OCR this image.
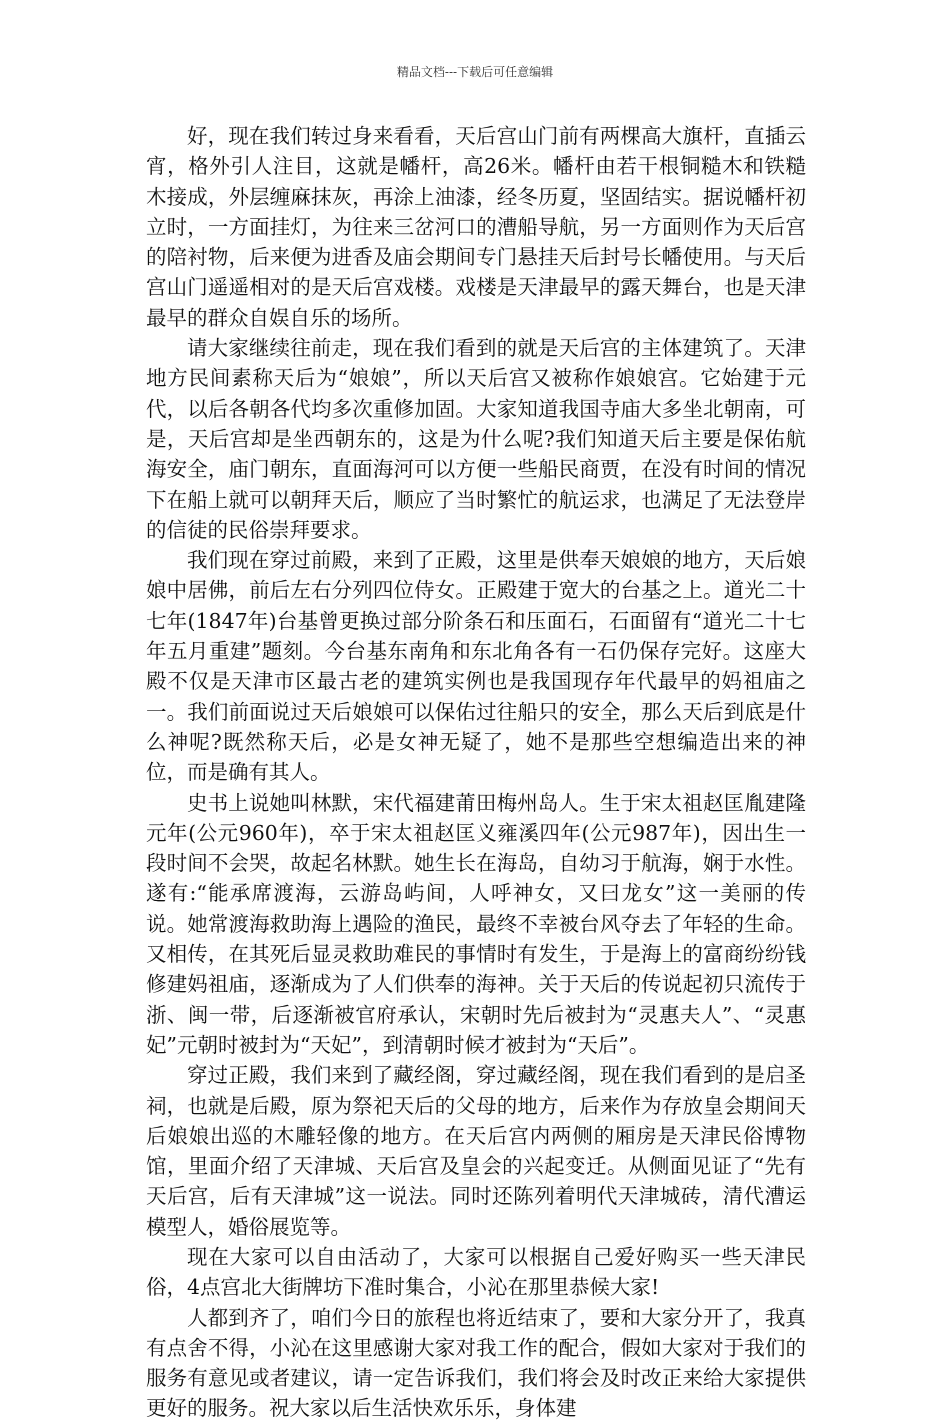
精品文档---下载后可任意编辑

好，现在我们转过身来看看，天后宫山门前有两棵高大旗杆，直插云宵，格外引人注目，这就是幡杆，高26米。幡杆由若干根铜糙木和铁糙木接成，外层缠麻抹灰，再涂上油漆，经冬历夏，坚固结实。据说幡杆初立时，一方面挂灯，为往来三岔河口的漕船导航，另一方面则作为天后宫的陪衬物，后来便为进香及庙会期间专门悬挂天后封号长幡使用。与天后宫山门遥遥相对的是天后宫戏楼。戏楼是天津最早的露天舞台，也是天津最早的群众自娱自乐的场所。

请大家继续往前走，现在我们看到的就是天后宫的主体建筑了。天津地方民间素称天后为“娘娘”，所以天后宫又被称作娘娘宫。它始建于元代，以后各朝各代均多次重修加固。大家知道我国寺庙大多坐北朝南，可是，天后宫却是坐西朝东的，这是为什么呢?我们知道天后主要是保佑航海安全，庙门朝东，直面海河可以方便一些船民商贾，在没有时间的情况下在船上就可以朝拜天后，顺应了当时繁忙的航运求，也满足了无法登岸的信徒的民俗崇拜要求。

我们现在穿过前殿，来到了正殿，这里是供奉天娘娘的地方，天后娘娘中居佛，前后左右分列四位侍女。正殿建于宽大的台基之上。道光二十七年(1847年)台基曾更换过部分阶条石和压面石，石面留有“道光二十七年五月重建”题刻。今台基东南角和东北角各有一石仍保存完好。这座大殿不仅是天津市区最古老的建筑实例也是我国现存年代最早的妈祖庙之一。我们前面说过天后娘娘可以保佑过往船只的安全，那么天后到底是什么神呢?既然称天后，必是女神无疑了，她不是那些空想编造出来的神位，而是确有其人。

史书上说她叫林默，宋代福建莆田梅州岛人。生于宋太祖赵匡胤建隆元年(公元960年)，卒于宋太祖赵匡义雍溪四年(公元987年)，因出生一段时间不会哭，故起名林默。她生长在海岛，自幼习于航海，娴于水性。遂有:“能承席渡海，云游岛屿间，人呼神女，又曰龙女”这一美丽的传说。她常渡海救助海上遇险的渔民，最终不幸被台风夺去了年轻的生命。又相传，在其死后显灵救助难民的事情时有发生，于是海上的富商纷纷钱修建妈祖庙，逐渐成为了人们供奉的海神。关于天后的传说起初只流传于浙、闽一带，后逐渐被官府承认，宋朝时先后被封为“灵惠夫人”、“灵惠妃”元朝时被封为“天妃”，到清朝时候才被封为“天后”。

穿过正殿，我们来到了藏经阁，穿过藏经阁，现在我们看到的是启圣祠，也就是后殿，原为祭祀天后的父母的地方，后来作为存放皇会期间天后娘娘出巡的木雕轻像的地方。在天后宫内两侧的厢房是天津民俗博物馆，里面介绍了天津城、天后宫及皇会的兴起变迁。从侧面见证了“先有天后宫，后有天津城”这一说法。同时还陈列着明代天津城砖，清代漕运模型人，婚俗展览等。

现在大家可以自由活动了，大家可以根据自己爱好购买一些天津民俗，4点宫北大街牌坊下准时集合，小沁在那里恭候大家!

人都到齐了，咱们今日的旅程也将近结束了，要和大家分开了，我真有点舍不得，小沁在这里感谢大家对我工作的配合，假如大家对于我们的服务有意见或者建议，请一定告诉我们，我们将会及时改正来给大家提供更好的服务。祝大家以后生活快欢乐乐，身体建
